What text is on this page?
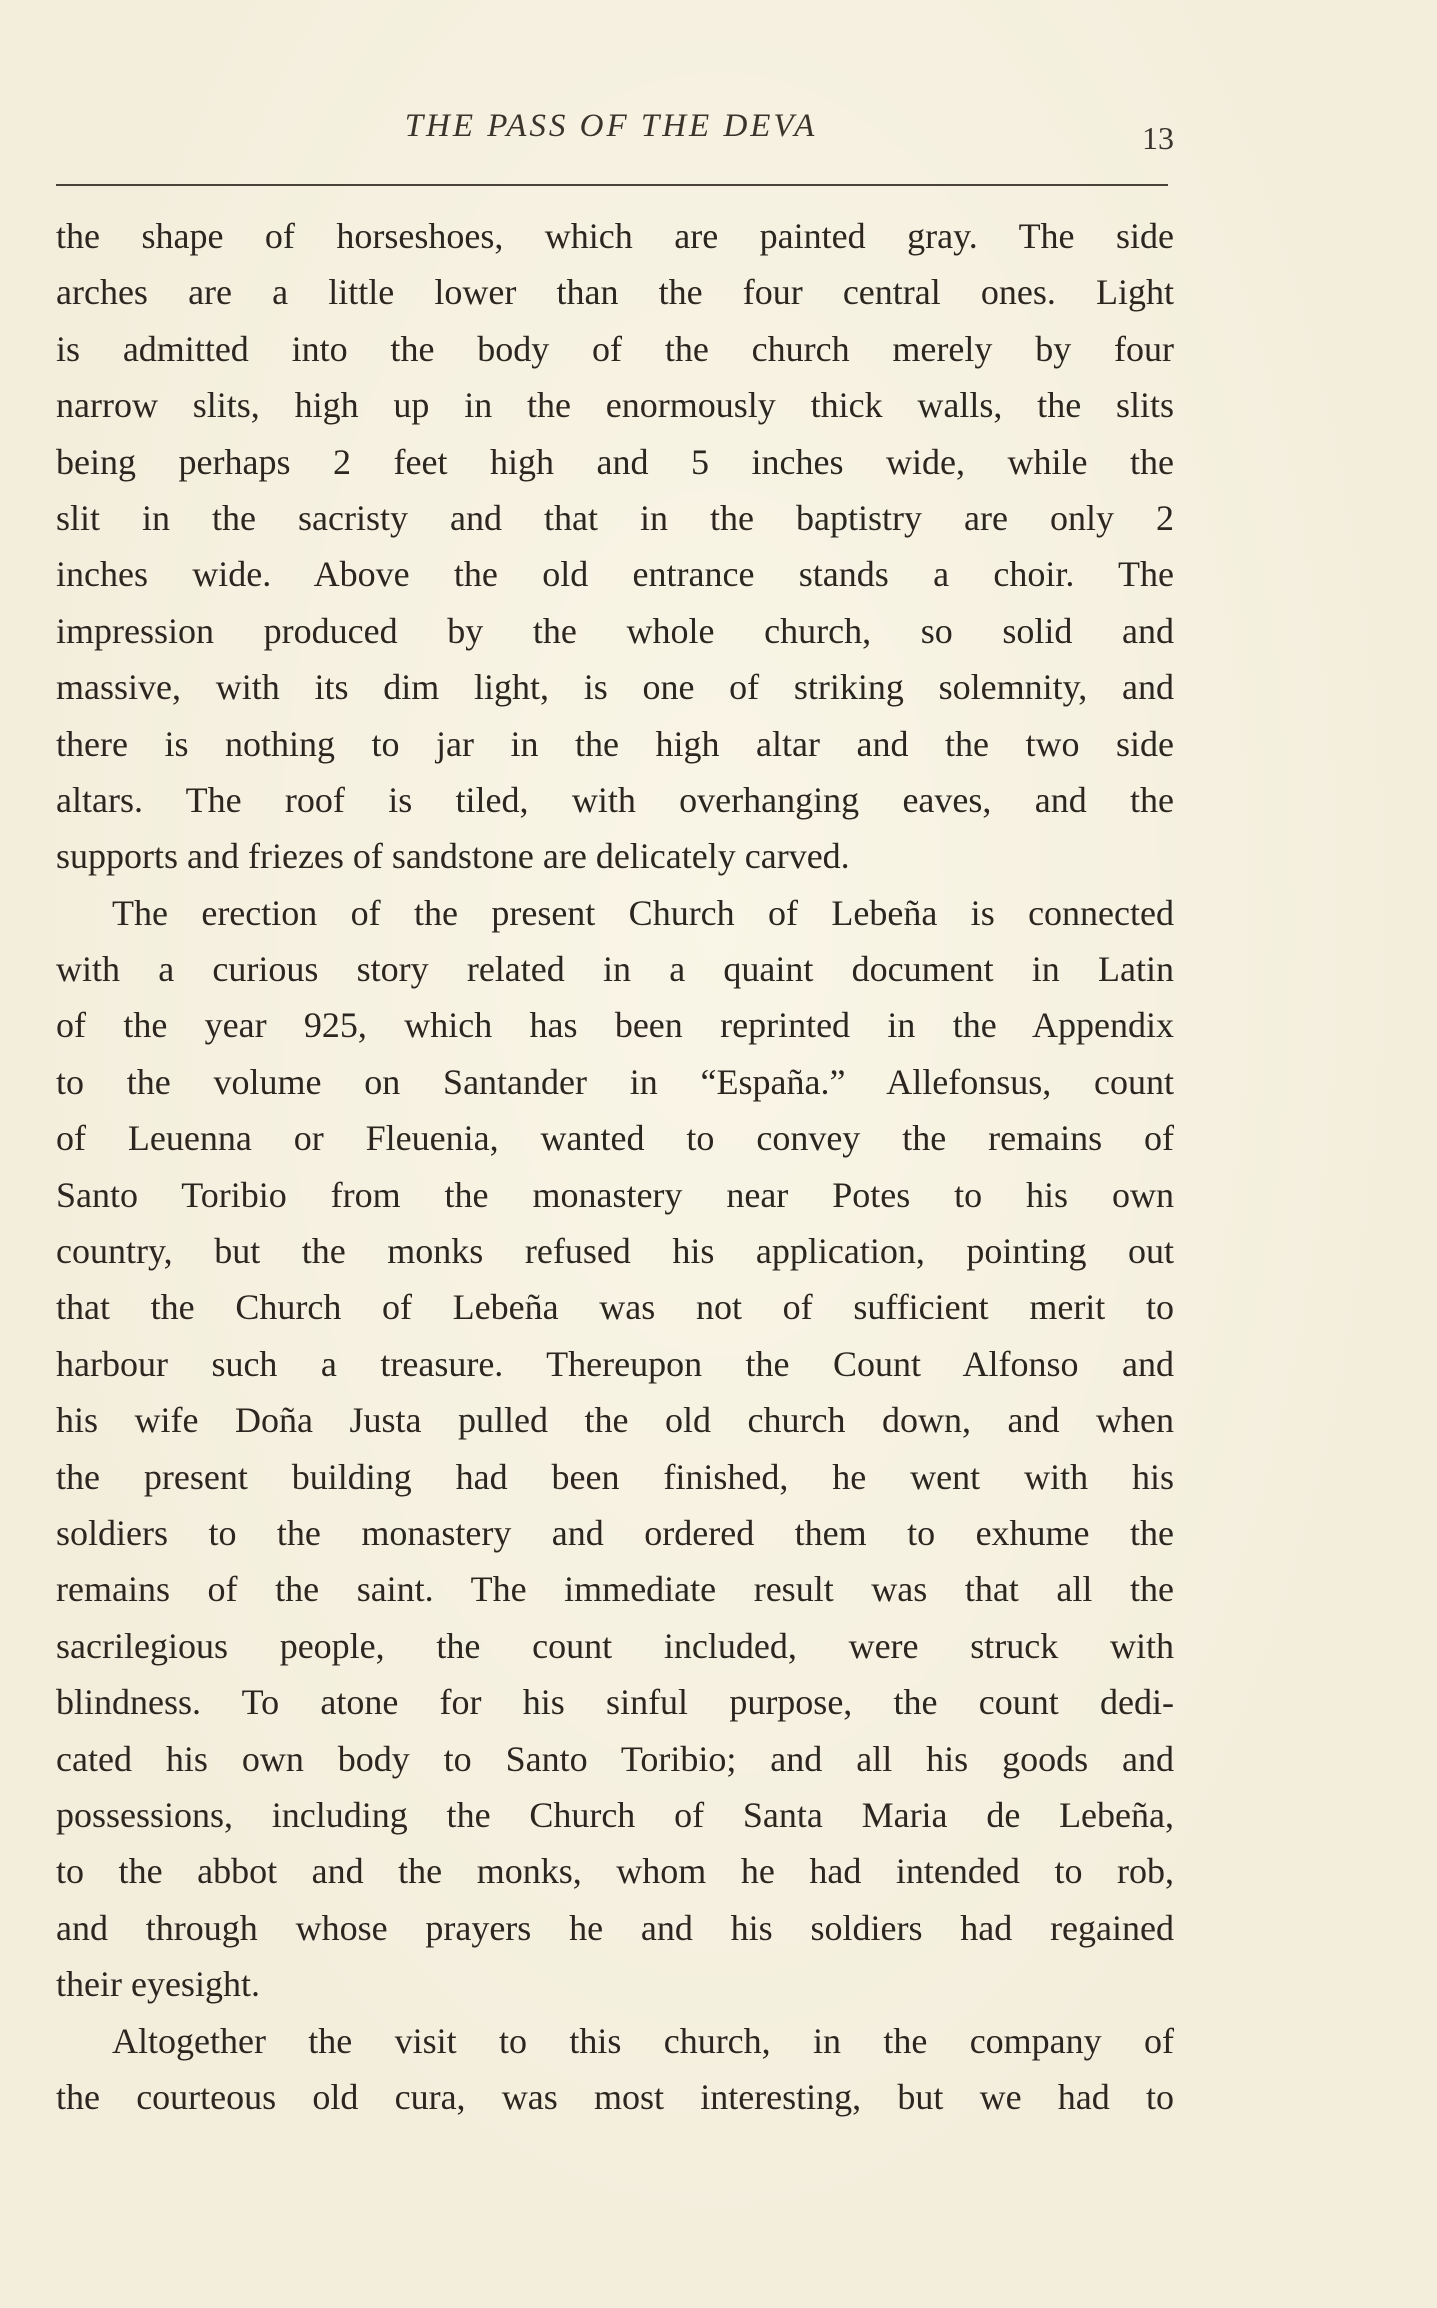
THE PASS OF THE DEVA	13
the shape of horseshoes, which are painted gray. The side
arches are a little lower than the four central ones. Light
is admitted into the body of the church merely by four
narrow slits, high up in the enormously thick walls, the slits
being perhaps 2 feet high and 5 inches wide, while the
slit in the sacristy and that in the baptistry are only 2
inches wide. Above the old entrance stands a choir. The
impression produced by the whole church, so solid and
massive, with its dim light, is one of striking solemnity, and
there is nothing to jar in the high altar and the two side
altars. The roof is tiled, with overhanging eaves, and the
supports and friezes of sandstone are delicately carved.
The erection of the present Church of Lebeña is connected
with a curious story related in a quaint document in Latin
of the year 925, which has been reprinted in the Appendix
to the volume on Santander in “España.” Allefonsus, count
of Leuenna or Fleuenia, wanted to convey the remains of
Santo Toribio from the monastery near Potes to his own
country, but the monks refused his application, pointing out
that the Church of Lebeña was not of sufficient merit to
harbour such a treasure. Thereupon the Count Alfonso and
his wife Doña Justa pulled the old church down, and when
the present building had been finished, he went with his
soldiers to the monastery and ordered them to exhume the
remains of the saint. The immediate result was that all the
sacrilegious people, the count included, were struck with
blindness. To atone for his sinful purpose, the count dedi-
cated his own body to Santo Toribio; and all his goods and
possessions, including the Church of Santa Maria de Lebeña,
to the abbot and the monks, whom he had intended to rob,
and through whose prayers he and his soldiers had regained
their eyesight.
Altogether the visit to this church, in the company of
the courteous old cura, was most interesting, but we had to
